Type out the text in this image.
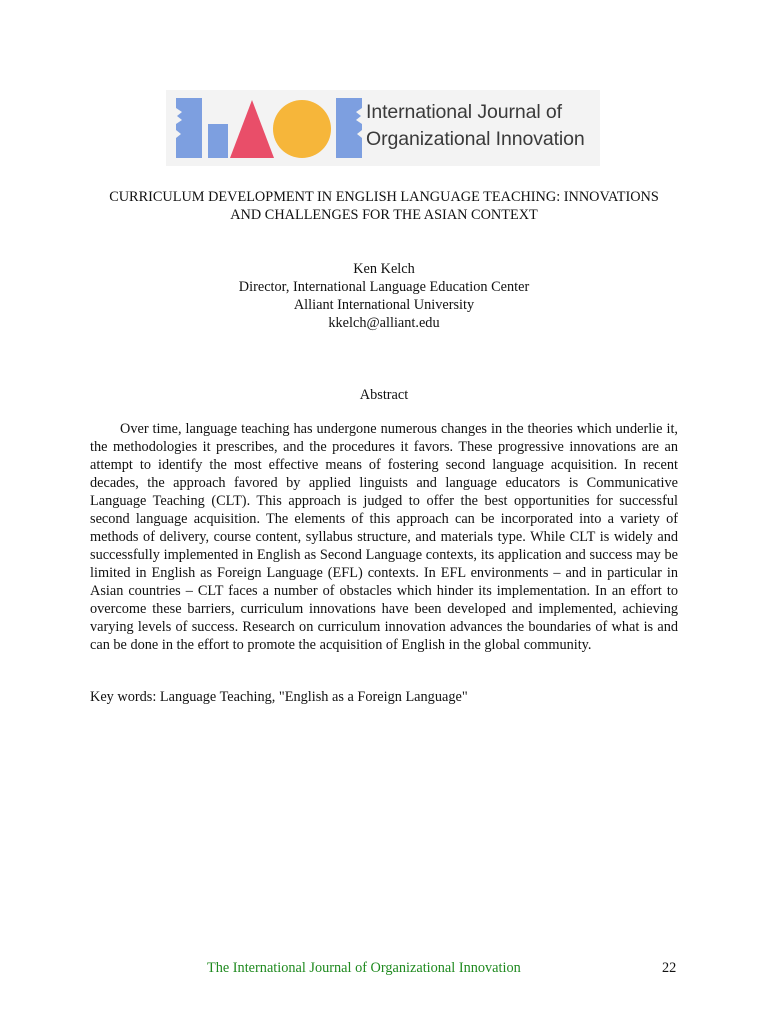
International Journal of
Organizational Innovation
CURRICULUM DEVELOPMENT IN ENGLISH LANGUAGE TEACHING: INNOVATIONS
AND CHALLENGES FOR THE ASIAN CONTEXT
Ken Kelch
Director, International Language Education Center
Alliant International University
kkelch@alliant.edu
Abstract

Over time, language teaching has undergone numerous changes in the theories which underlie it, the methodologies it prescribes, and the procedures it favors. These progressive innovations are an attempt to identify the most effective means of fostering second language acquisition. In recent decades, the approach favored by applied linguists and language educators is Communicative Language Teaching (CLT). This approach is judged to offer the best opportunities for successful second language acquisition. The elements of this approach can be incorporated into a variety of methods of delivery, course content, syllabus structure, and materials type. While CLT is widely and successfully implemented in English as Second Language contexts, its application and success may be limited in English as Foreign Language (EFL) contexts. In EFL environments – and in particular in Asian countries – CLT faces a number of obstacles which hinder its implementation. In an effort to overcome these barriers, curriculum innovations have been developed and implemented, achieving varying levels of success. Research on curriculum innovation advances the boundaries of what is and can be done in the effort to promote the acquisition of English in the global community.

Key words: Language Teaching, "English as a Foreign Language"
The International Journal of Organizational Innovation	22
